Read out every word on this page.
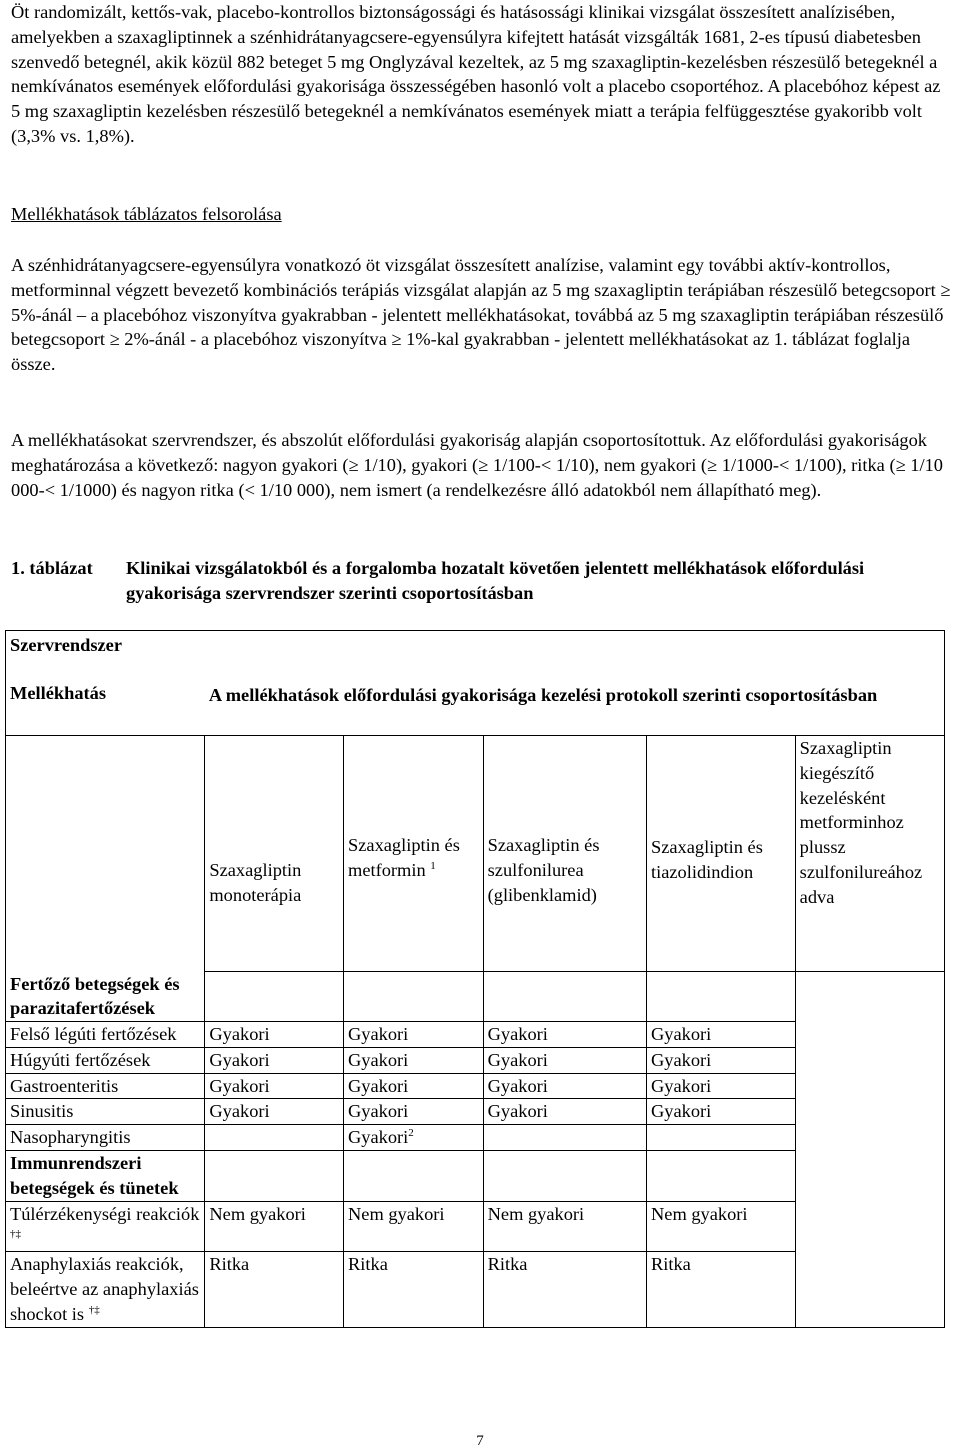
Öt randomizált, kettős-vak, placebo-kontrollos biztonságossági és hatásossági klinikai vizsgálat összesített analízisében, amelyekben a szaxagliptinnek a szénhidrátanyagcsere-egyensúlyra kifejtett hatását vizsgálták 1681, 2-es típusú diabetesben szenvedő betegnél, akik közül 882 beteget 5 mg Onglyzával kezeltek, az 5 mg szaxagliptin-kezelésben részesülő betegeknél a nemkívánatos események előfordulási gyakorisága összességében hasonló volt a placebo csoportéhoz. A placebóhoz képest az 5 mg szaxagliptin kezelésben részesülő betegeknél a nemkívánatos események miatt a terápia felfüggesztése gyakoribb volt (3,3% vs. 1,8%).

Mellékhatások táblázatos felsorolása

A szénhidrátanyagcsere-egyensúlyra vonatkozó öt vizsgálat összesített analízise, valamint egy további aktív-kontrollos, metforminnal végzett bevezető kombinációs terápiás vizsgálat alapján az 5 mg szaxagliptin terápiában részesülő betegcsoport ≥ 5%-ánál – a placebóhoz viszonyítva gyakrabban - jelentett mellékhatásokat, továbbá az 5 mg szaxagliptin terápiában részesülő betegcsoport ≥ 2%-ánál - a placebóhoz viszonyítva ≥ 1%-kal gyakrabban - jelentett mellékhatásokat az 1. táblázat foglalja össze.

A mellékhatásokat szervrendszer, és abszolút előfordulási gyakoriság alapján csoportosítottuk. Az előfordulási gyakoriságok meghatározása a következő: nagyon gyakori (≥ 1/10), gyakori (≥ 1/100-< 1/10), nem gyakori (≥ 1/1000-< 1/100), ritka (≥ 1/10 000-< 1/1000) és nagyon ritka (< 1/10 000), nem ismert (a rendelkezésre álló adatokból nem állapítható meg).

1. táblázat Klinikai vizsgálatokból és a forgalomba hozatalt követően jelentett mellékhatások előfordulási gyakorisága szervrendszer szerinti csoportosításban
Szervrendszer					
Mellékhatás	A mellékhatások előfordulási gyakorisága kezelési protokoll szerinti csoportosításban				
	Szaxagliptin monoterápia	Szaxagliptin és metformin $^1$	Szaxagliptin és szulfonilurea (glibenklamid)	Szaxagliptin és tiazolidindion	Szaxagliptin kiegészítő kezelésként metforminhoz plussz szulfonilureához adva
Fertőző betegségek és parazitafertőzések					
Felső légúti fertőzések	Gyakori	Gyakori	Gyakori	Gyakori	
Húgyúti fertőzések	Gyakori	Gyakori	Gyakori	Gyakori	
Gastroenteritis	Gyakori	Gyakori	Gyakori	Gyakori	
Sinusitis	Gyakori	Gyakori	Gyakori	Gyakori	
Nasopharyngitis		Gyakori$^2$			
Immunrendszeri betegségek és tünetek					
Túlérzékenységi reakciók †‡	Nem gyakori	Nem gyakori	Nem gyakori	Nem gyakori	
Anaphylaxiás reakciók, beleértve az anaphylaxiás shockot is †‡	Ritka	Ritka	Ritka	Ritka	
7
